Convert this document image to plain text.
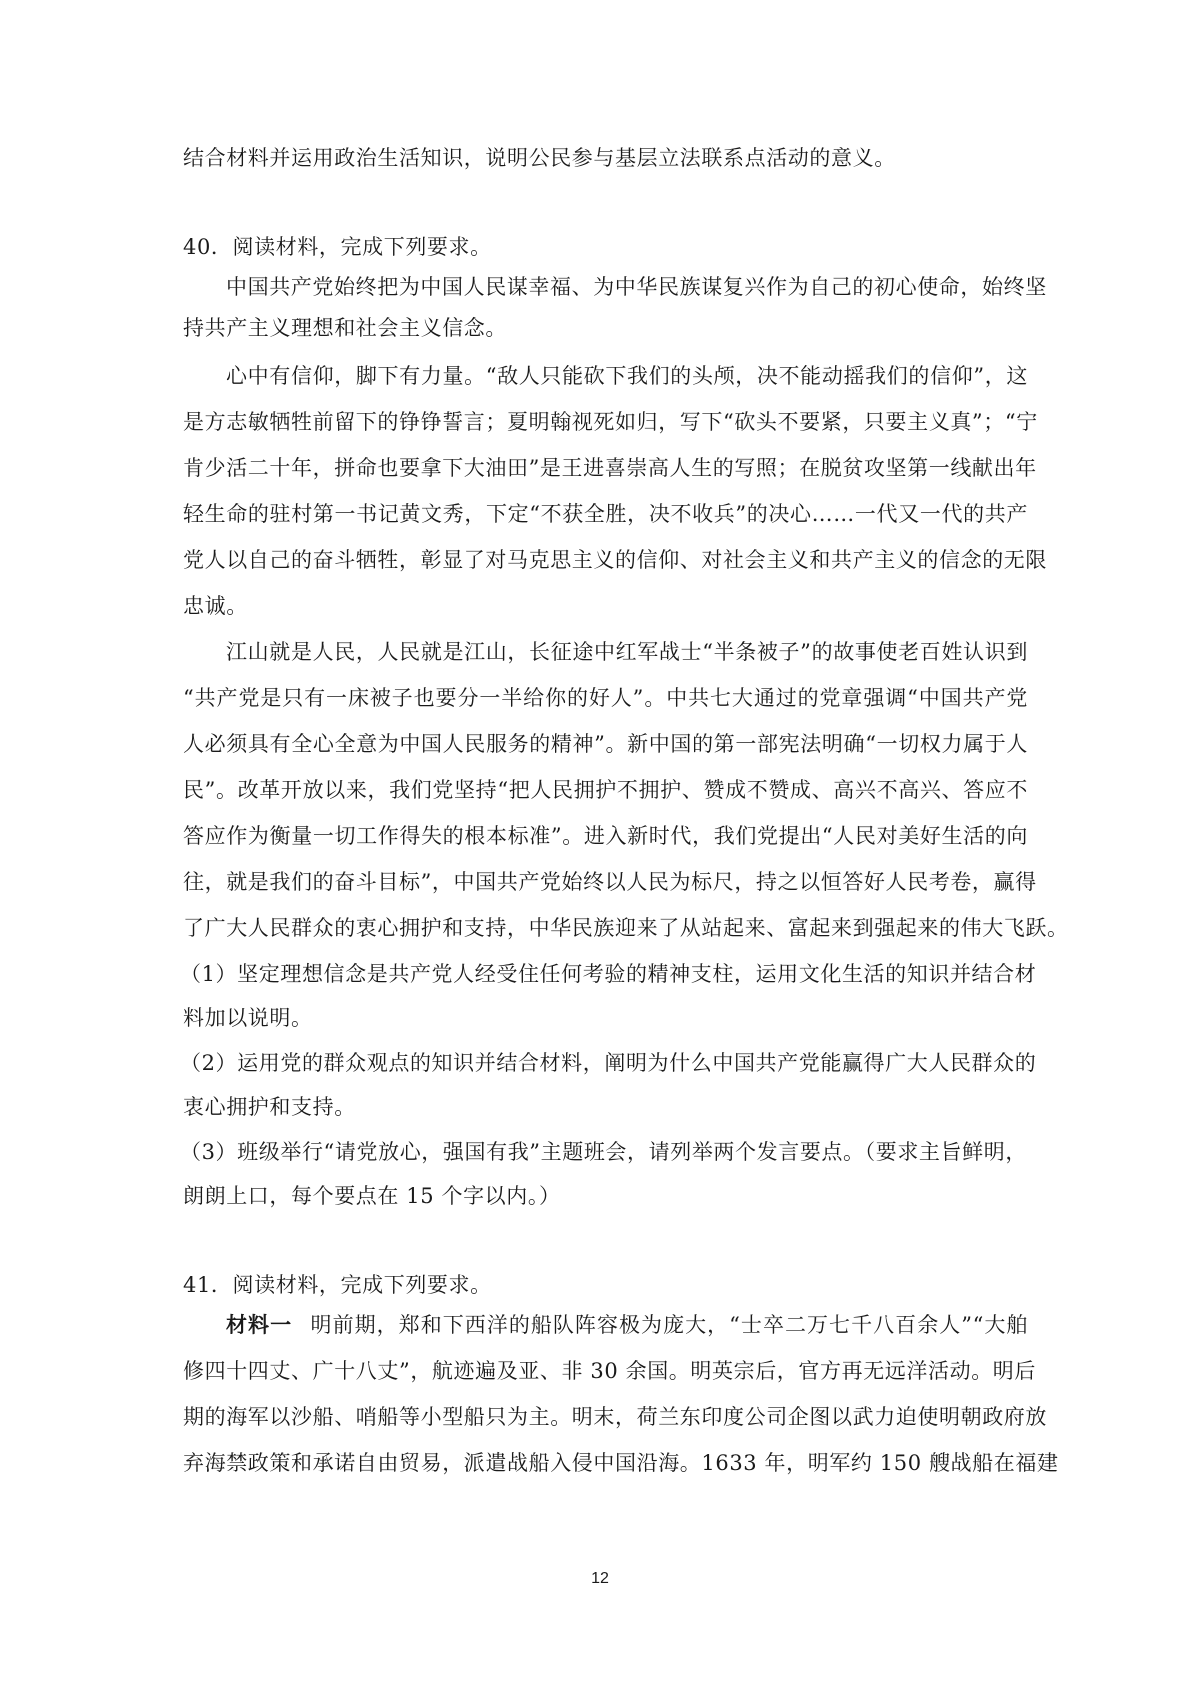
结合材料并运用政治生活知识，说明公民参与基层立法联系点活动的意义。
40．阅读材料，完成下列要求。
中国共产党始终把为中国人民谋幸福、为中华民族谋复兴作为自己的初心使命，始终坚
持共产主义理想和社会主义信念。
心中有信仰，脚下有力量。“敌人只能砍下我们的头颅，决不能动摇我们的信仰”，这
是方志敏牺牲前留下的铮铮誓言；夏明翰视死如归，写下“砍头不要紧，只要主义真”；“宁
肯少活二十年，拼命也要拿下大油田”是王进喜崇高人生的写照；在脱贫攻坚第一线献出年
轻生命的驻村第一书记黄文秀，下定“不获全胜，决不收兵”的决心……一代又一代的共产
党人以自己的奋斗牺牲，彰显了对马克思主义的信仰、对社会主义和共产主义的信念的无限
忠诚。
江山就是人民，人民就是江山，长征途中红军战士“半条被子”的故事使老百姓认识到
“共产党是只有一床被子也要分一半给你的好人”。中共七大通过的党章强调“中国共产党
人必须具有全心全意为中国人民服务的精神”。新中国的第一部宪法明确“一切权力属于人
民”。改革开放以来，我们党坚持“把人民拥护不拥护、赞成不赞成、高兴不高兴、答应不
答应作为衡量一切工作得失的根本标准”。进入新时代，我们党提出“人民对美好生活的向
往，就是我们的奋斗目标”，中国共产党始终以人民为标尺，持之以恒答好人民考卷，赢得
了广大人民群众的衷心拥护和支持，中华民族迎来了从站起来、富起来到强起来的伟大飞跃。
（1）坚定理想信念是共产党人经受住任何考验的精神支柱，运用文化生活的知识并结合材
料加以说明。
（2）运用党的群众观点的知识并结合材料，阐明为什么中国共产党能赢得广大人民群众的
衷心拥护和支持。
（3）班级举行“请党放心，强国有我”主题班会，请列举两个发言要点。（要求主旨鲜明，
朗朗上口，每个要点在 15 个字以内。）
41．阅读材料，完成下列要求。
材料一 明前期，郑和下西洋的船队阵容极为庞大，“士卒二万七千八百余人”“大舶
修四十四丈、广十八丈”，航迹遍及亚、非 30 余国。明英宗后，官方再无远洋活动。明后
期的海军以沙船、哨船等小型船只为主。明末，荷兰东印度公司企图以武力迫使明朝政府放
弃海禁政策和承诺自由贸易，派遣战船入侵中国沿海。1633 年，明军约 150 艘战船在福建
12
